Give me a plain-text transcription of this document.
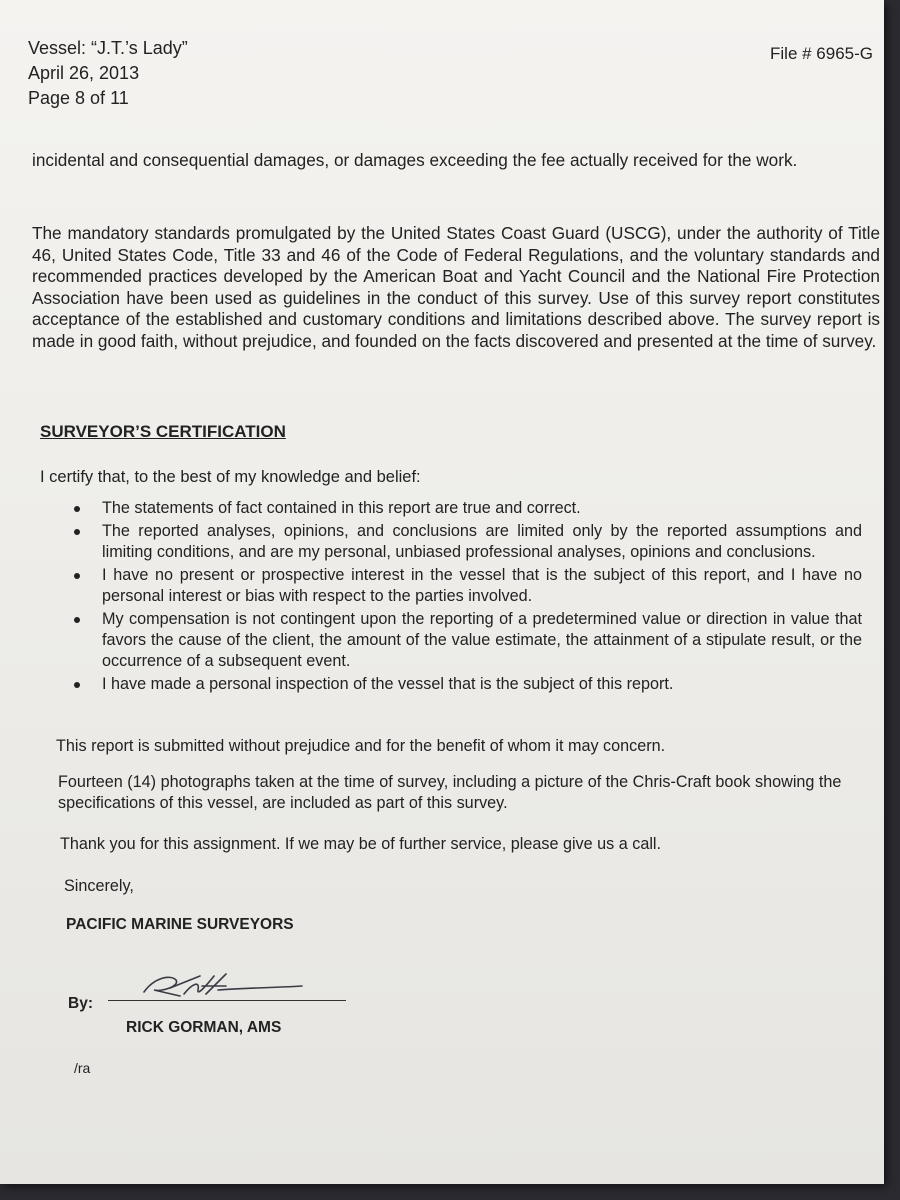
Vessel: “J.T.’s Lady”
April 26, 2013
Page 8 of 11
File # 6965-G
incidental and consequential damages, or damages exceeding the fee actually received for the work.
The mandatory standards promulgated by the United States Coast Guard (USCG), under the authority of Title 46, United States Code, Title 33 and 46 of the Code of Federal Regulations, and the voluntary standards and recommended practices developed by the American Boat and Yacht Council and the National Fire Protection Association have been used as guidelines in the conduct of this survey. Use of this survey report constitutes acceptance of the established and customary conditions and limitations described above. The survey report is made in good faith, without prejudice, and founded on the facts discovered and presented at the time of survey.
SURVEYOR’S CERTIFICATION
I certify that, to the best of my knowledge and belief:
The statements of fact contained in this report are true and correct.
The reported analyses, opinions, and conclusions are limited only by the reported assumptions and limiting conditions, and are my personal, unbiased professional analyses, opinions and conclusions.
I have no present or prospective interest in the vessel that is the subject of this report, and I have no personal interest or bias with respect to the parties involved.
My compensation is not contingent upon the reporting of a predetermined value or direction in value that favors the cause of the client, the amount of the value estimate, the attainment of a stipulate result, or the occurrence of a subsequent event.
I have made a personal inspection of the vessel that is the subject of this report.
This report is submitted without prejudice and for the benefit of whom it may concern.
Fourteen (14) photographs taken at the time of survey, including a picture of the Chris-Craft book showing the specifications of this vessel, are included as part of this survey.
Thank you for this assignment. If we may be of further service, please give us a call.
Sincerely,
PACIFIC MARINE SURVEYORS
By:
RICK GORMAN, AMS
/ra
